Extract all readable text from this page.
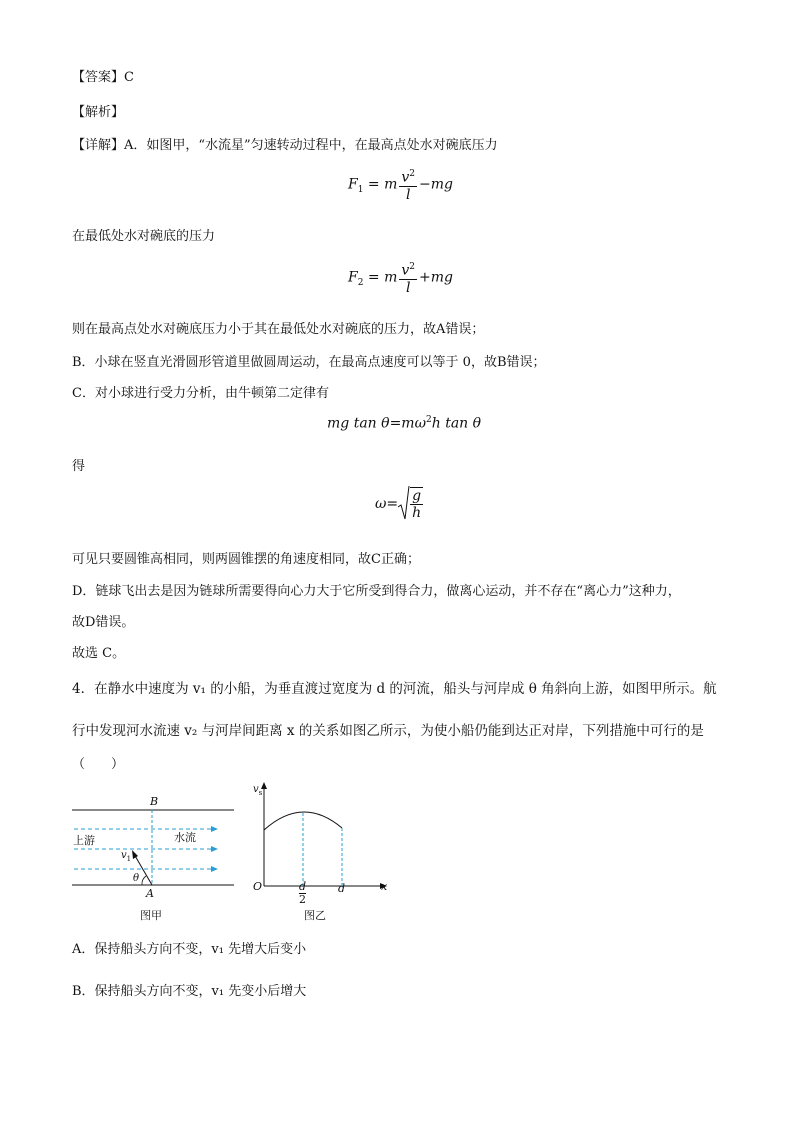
【答案】C
【解析】
【详解】A．如图甲，“水流星”匀速转动过程中，在最高点处水对碗底压力
$F_1 = m \frac{v^2}{l} -mg$
在最低处水对碗底的压力
$F_2 = m \frac{v^2}{l} +mg$
则在最高点处水对碗底压力小于其在最低处水对碗底的压力，故A错误；
B．小球在竖直光滑圆形管道里做圆周运动，在最高点速度可以等于 0，故B错误；
C．对小球进行受力分析，由牛顿第二定律有
mg $\tan \theta=m\omega^2h$ tan θ
得
$\omega= \frac{g}{h}$
可见只要圆锥高相同，则两圆锥摆的角速度相同，故C正确；
D．链球飞出去是因为链球所需要得向心力大于它所受到得合力，做离心运动，并不存在“离心力”这种力，
故D错误。
故选 C。
4．在静水中速度为 v₁ 的小船，为垂直渡过宽度为 d 的河流，船头与河岸成 θ 角斜向上游，如图甲所示。航
行中发现河水流速 v₂ 与河岸间距离 x 的关系如图乙所示，为使小船仍能到达正对岸，下列措施中可行的是
（　　）
B
A
上游	水流
$v_1$
θ
图甲
$v_s$
O	$\frac{d}{2}$	d	x
图乙
A．保持船头方向不变，v₁ 先增大后变小
B．保持船头方向不变，v₁ 先变小后增大
